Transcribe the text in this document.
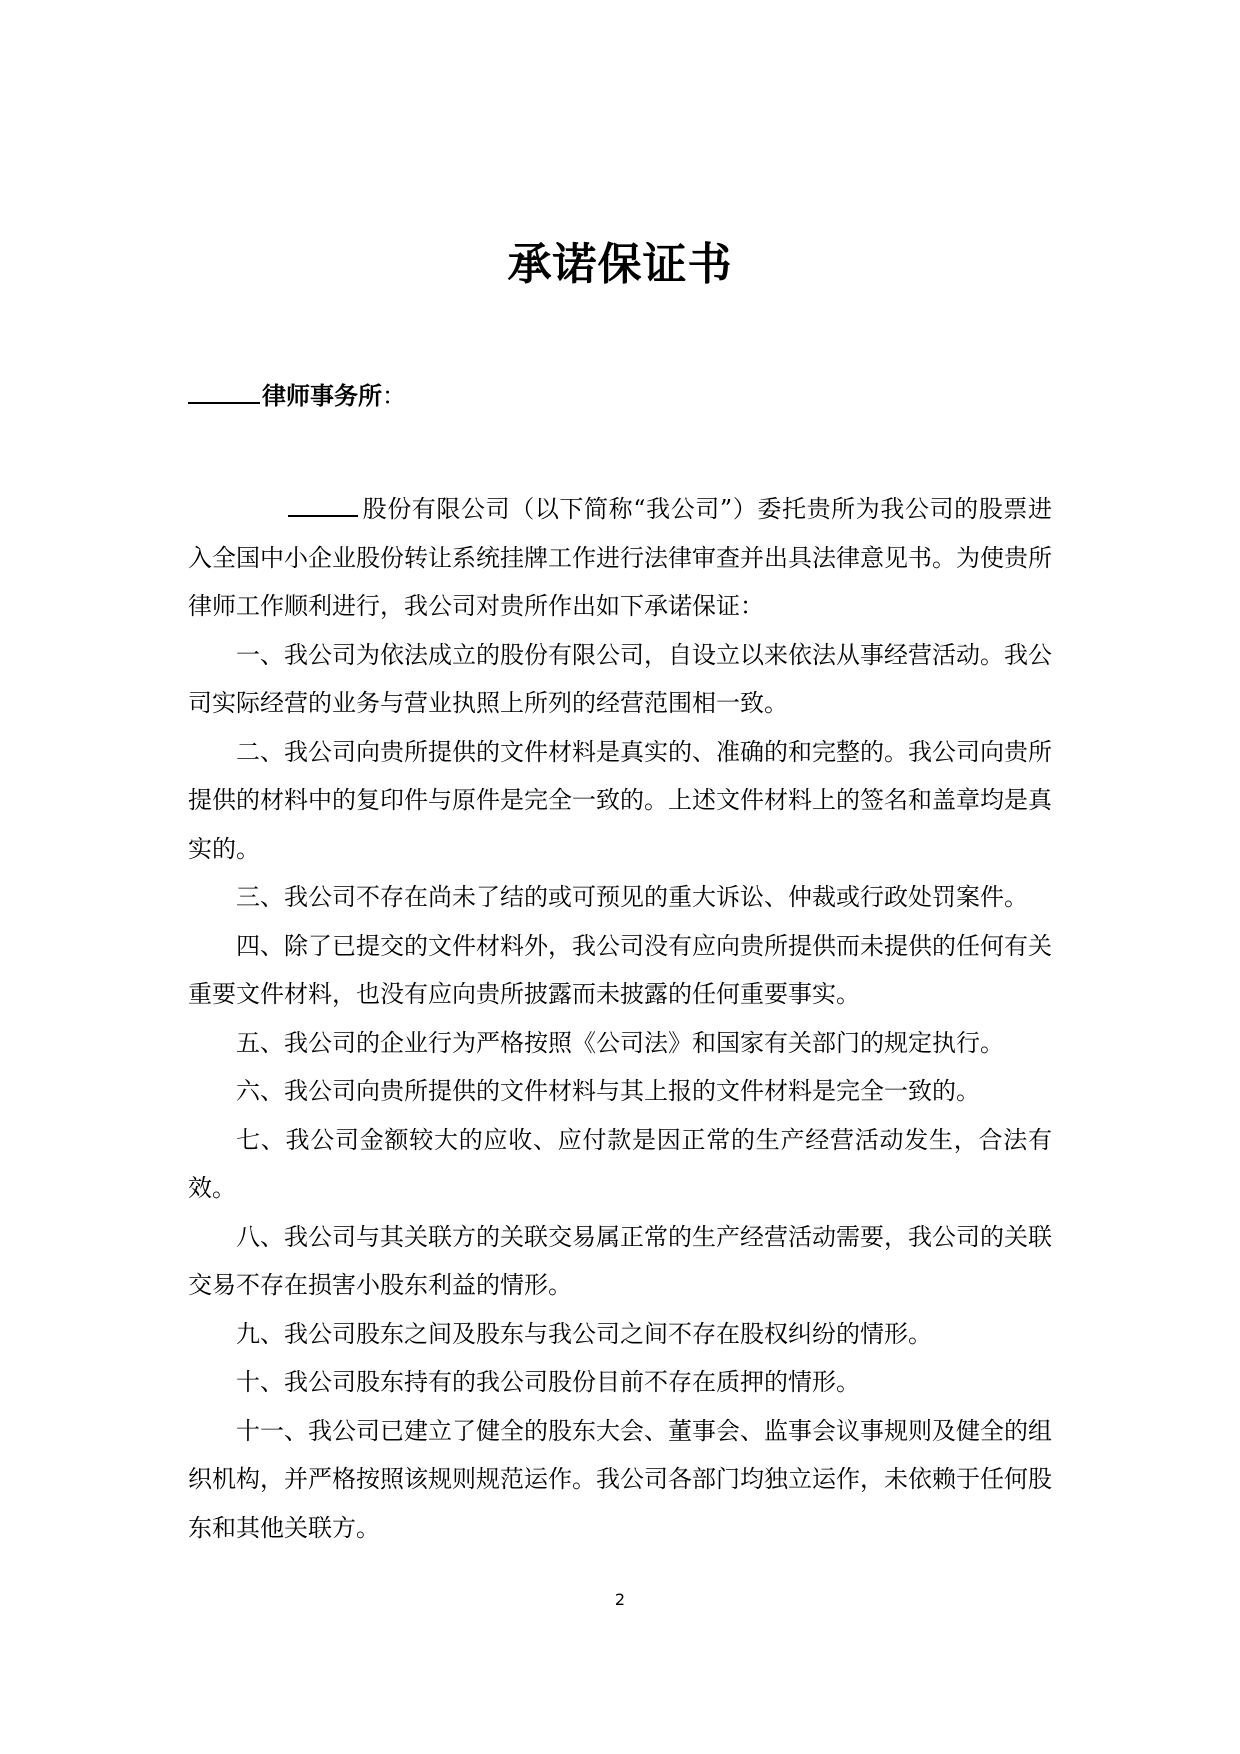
承诺保证书
律师事务所：

股份有限公司（以下简称“我公司”）委托贵所为我公司的股票进入全国中小企业股份转让系统挂牌工作进行法律审查并出具法律意见书。为使贵所律师工作顺利进行，我公司对贵所作出如下承诺保证：

一、我公司为依法成立的股份有限公司，自设立以来依法从事经营活动。我公司实际经营的业务与营业执照上所列的经营范围相一致。

二、我公司向贵所提供的文件材料是真实的、准确的和完整的。我公司向贵所提供的材料中的复印件与原件是完全一致的。上述文件材料上的签名和盖章均是真实的。

三、我公司不存在尚未了结的或可预见的重大诉讼、仲裁或行政处罚案件。

四、除了已提交的文件材料外，我公司没有应向贵所提供而未提供的任何有关重要文件材料，也没有应向贵所披露而未披露的任何重要事实。

五、我公司的企业行为严格按照《公司法》和国家有关部门的规定执行。

六、我公司向贵所提供的文件材料与其上报的文件材料是完全一致的。

七、我公司金额较大的应收、应付款是因正常的生产经营活动发生，合法有效。

八、我公司与其关联方的关联交易属正常的生产经营活动需要，我公司的关联交易不存在损害小股东利益的情形。

九、我公司股东之间及股东与我公司之间不存在股权纠纷的情形。

十、我公司股东持有的我公司股份目前不存在质押的情形。

十一、我公司已建立了健全的股东大会、董事会、监事会议事规则及健全的组织机构，并严格按照该规则规范运作。我公司各部门均独立运作，未依赖于任何股东和其他关联方。

2
